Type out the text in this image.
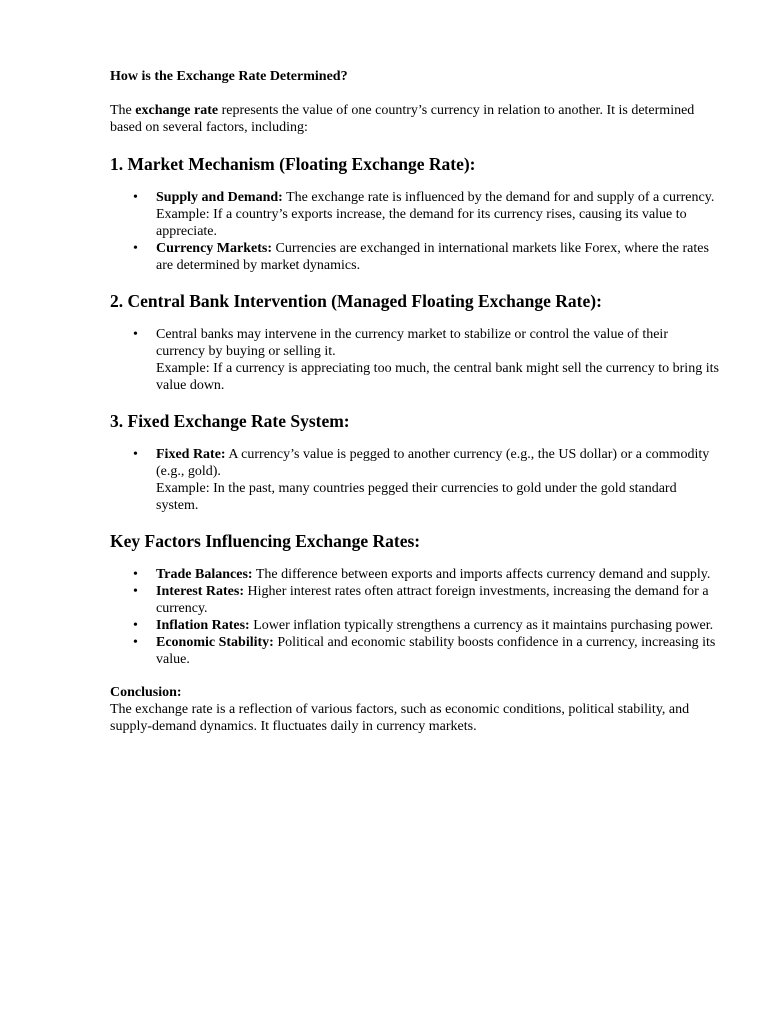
How is the Exchange Rate Determined?

The exchange rate represents the value of one country’s currency in relation to another. It is determined based on several factors, including:

1. Market Mechanism (Floating Exchange Rate):
• Supply and Demand: The exchange rate is influenced by the demand for and supply of a currency.
Example: If a country’s exports increase, the demand for its currency rises, causing its value to appreciate.
• Currency Markets: Currencies are exchanged in international markets like Forex, where the rates are determined by market dynamics.
2. Central Bank Intervention (Managed Floating Exchange Rate):
• Central banks may intervene in the currency market to stabilize or control the value of their currency by buying or selling it.
Example: If a currency is appreciating too much, the central bank might sell the currency to bring its value down.
3. Fixed Exchange Rate System:
• Fixed Rate: A currency’s value is pegged to another currency (e.g., the US dollar) or a commodity (e.g., gold).
Example: In the past, many countries pegged their currencies to gold under the gold standard system.
Key Factors Influencing Exchange Rates:
• Trade Balances: The difference between exports and imports affects currency demand and supply.
• Interest Rates: Higher interest rates often attract foreign investments, increasing the demand for a currency.
• Inflation Rates: Lower inflation typically strengthens a currency as it maintains purchasing power.
• Economic Stability: Political and economic stability boosts confidence in a currency, increasing its value.

Conclusion:

The exchange rate is a reflection of various factors, such as economic conditions, political stability, and supply-demand dynamics. It fluctuates daily in currency markets.
